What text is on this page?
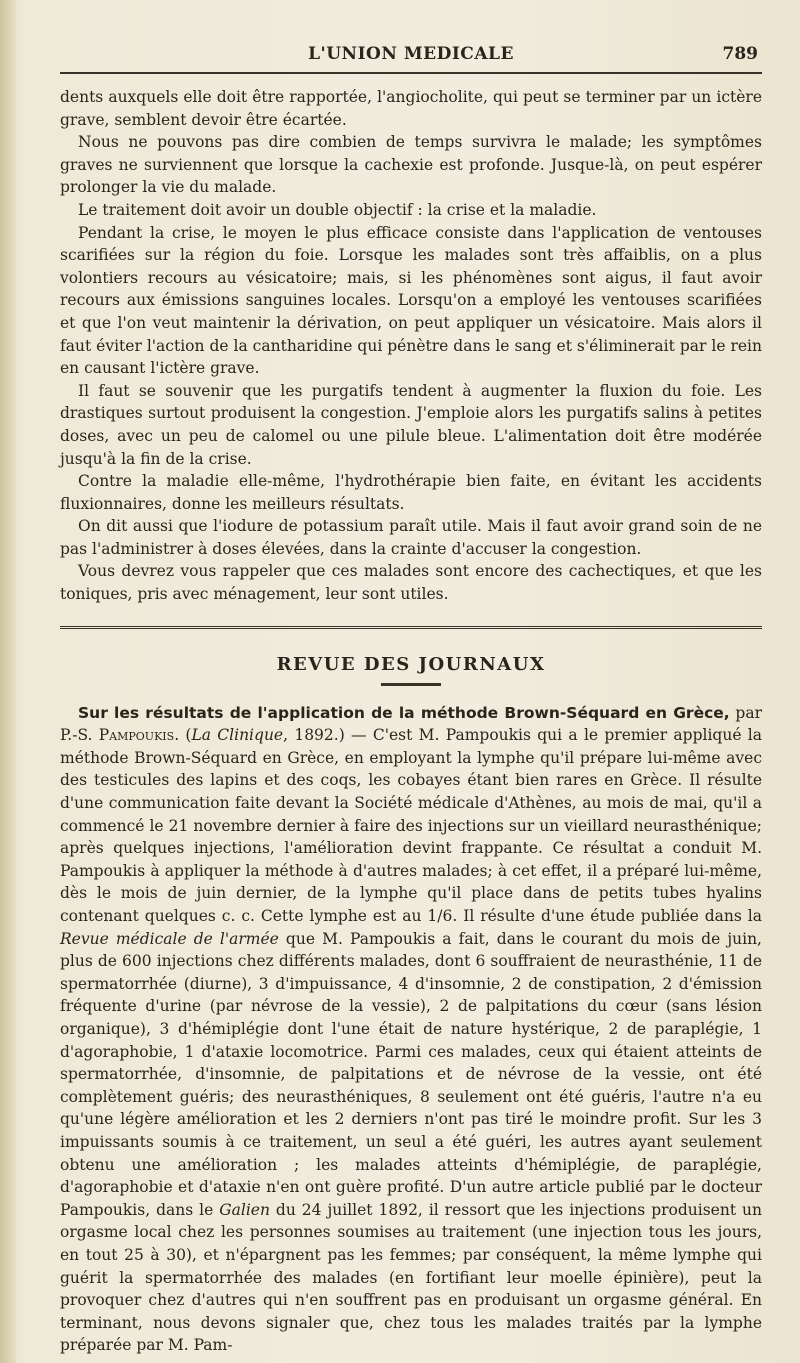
L'UNION MEDICALE	789

dents auxquels elle doit être rapportée, l'angiocholite, qui peut se terminer par un ictère grave, semblent devoir être écartée.

Nous ne pouvons pas dire combien de temps survivra le malade; les symptômes graves ne surviennent que lorsque la cachexie est profonde. Jusque-là, on peut espérer prolonger la vie du malade.

Le traitement doit avoir un double objectif : la crise et la maladie.

Pendant la crise, le moyen le plus efficace consiste dans l'application de ventouses scarifiées sur la région du foie. Lorsque les malades sont très affaiblis, on a plus volontiers recours au vésicatoire; mais, si les phénomènes sont aigus, il faut avoir recours aux émissions sanguines locales. Lorsqu'on a employé les ventouses scarifiées et que l'on veut maintenir la dérivation, on peut appliquer un vésicatoire. Mais alors il faut éviter l'action de la cantharidine qui pénètre dans le sang et s'éliminerait par le rein en causant l'ictère grave.

Il faut se souvenir que les purgatifs tendent à augmenter la fluxion du foie. Les drastiques surtout produisent la congestion. J'emploie alors les purgatifs salins à petites doses, avec un peu de calomel ou une pilule bleue. L'alimentation doit être modérée jusqu'à la fin de la crise.

Contre la maladie elle-même, l'hydrothérapie bien faite, en évitant les accidents fluxionnaires, donne les meilleurs résultats.

On dit aussi que l'iodure de potassium paraît utile. Mais il faut avoir grand soin de ne pas l'administrer à doses élevées, dans la crainte d'accuser la congestion.

Vous devrez vous rappeler que ces malades sont encore des cachectiques, et que les toniques, pris avec ménagement, leur sont utiles.

REVUE DES JOURNAUX

Sur les résultats de l'application de la méthode Brown-Séquard en Grèce, par P.-S. Pampoukis. (La Clinique, 1892.) — C'est M. Pampoukis qui a le premier appliqué la méthode Brown-Séquard en Grèce, en employant la lymphe qu'il prépare lui-même avec des testicules des lapins et des coqs, les cobayes étant bien rares en Grèce. Il résulte d'une communication faite devant la Société médicale d'Athènes, au mois de mai, qu'il a commencé le 21 novembre dernier à faire des injections sur un vieillard neurasthénique; après quelques injections, l'amélioration devint frappante. Ce résultat a conduit M. Pampoukis à appliquer la méthode à d'autres malades; à cet effet, il a préparé lui-même, dès le mois de juin dernier, de la lymphe qu'il place dans de petits tubes hyalins contenant quelques c. c. Cette lymphe est au 1/6. Il résulte d'une étude publiée dans la Revue médicale de l'armée que M. Pampoukis a fait, dans le courant du mois de juin, plus de 600 injections chez différents malades, dont 6 souffraient de neurasthénie, 11 de spermatorrhée (diurne), 3 d'impuissance, 4 d'insomnie, 2 de constipation, 2 d'émission fréquente d'urine (par névrose de la vessie), 2 de palpitations du cœur (sans lésion organique), 3 d'hémiplégie dont l'une était de nature hystérique, 2 de paraplégie, 1 d'agoraphobie, 1 d'ataxie locomotrice. Parmi ces malades, ceux qui étaient atteints de spermatorrhée, d'insomnie, de palpitations et de névrose de la vessie, ont été complètement guéris; des neurasthéniques, 8 seulement ont été guéris, l'autre n'a eu qu'une légère amélioration et les 2 derniers n'ont pas tiré le moindre profit. Sur les 3 impuissants soumis à ce traitement, un seul a été guéri, les autres ayant seulement obtenu une amélioration ; les malades atteints d'hémiplégie, de paraplégie, d'agoraphobie et d'ataxie n'en ont guère profité. D'un autre article publié par le docteur Pampoukis, dans le Galien du 24 juillet 1892, il ressort que les injections produisent un orgasme local chez les personnes soumises au traitement (une injection tous les jours, en tout 25 à 30), et n'épargnent pas les femmes; par conséquent, la même lymphe qui guérit la spermatorrhée des malades (en fortifiant leur moelle épinière), peut la provoquer chez d'autres qui n'en souffrent pas en produisant un orgasme général. En terminant, nous devons signaler que, chez tous les malades traités par la lymphe préparée par M. Pam-
